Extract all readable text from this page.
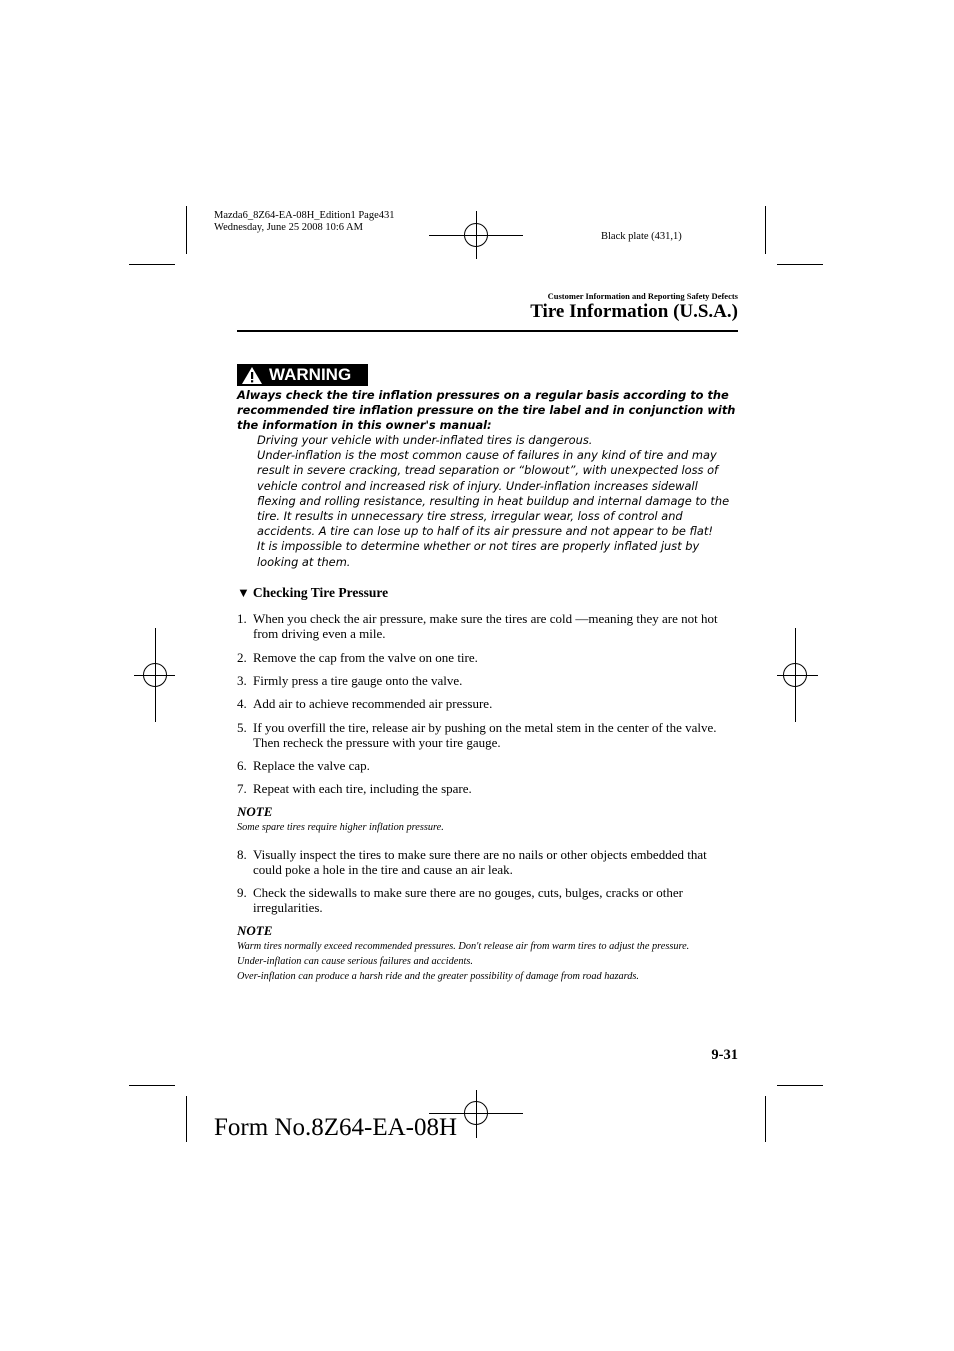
Mazda6_8Z64-EA-08H_Edition1 Page431
Wednesday, June 25 2008 10:6 AM
Black plate (431,1)
Customer Information and Reporting Safety Defects
Tire Information (U.S.A.)
WARNING

Always check the tire inflation pressures on a regular basis according to the recommended tire inflation pressure on the tire label and in conjunction with the information in this owner's manual:

Driving your vehicle with under-inflated tires is dangerous.

Under-inflation is the most common cause of failures in any kind of tire and may result in severe cracking, tread separation or “blowout”, with unexpected loss of vehicle control and increased risk of injury. Under-inflation increases sidewall flexing and rolling resistance, resulting in heat buildup and internal damage to the tire. It results in unnecessary tire stress, irregular wear, loss of control and accidents. A tire can lose up to half of its air pressure and not appear to be flat!

It is impossible to determine whether or not tires are properly inflated just by looking at them.

▼ Checking Tire Pressure
1. When you check the air pressure, make sure the tires are cold —meaning they are not hot from driving even a mile.
2. Remove the cap from the valve on one tire.
3. Firmly press a tire gauge onto the valve.
4. Add air to achieve recommended air pressure.
5. If you overfill the tire, release air by pushing on the metal stem in the center of the valve. Then recheck the pressure with your tire gauge.
6. Replace the valve cap.
7. Repeat with each tire, including the spare.
NOTE
Some spare tires require higher inflation pressure.
8. Visually inspect the tires to make sure there are no nails or other objects embedded that could poke a hole in the tire and cause an air leak.
9. Check the sidewalls to make sure there are no gouges, cuts, bulges, cracks or other irregularities.
NOTE

Warm tires normally exceed recommended pressures. Don't release air from warm tires to adjust the pressure.

Under-inflation can cause serious failures and accidents.

Over-inflation can produce a harsh ride and the greater possibility of damage from road hazards.

9-31
Form No.8Z64-EA-08H
